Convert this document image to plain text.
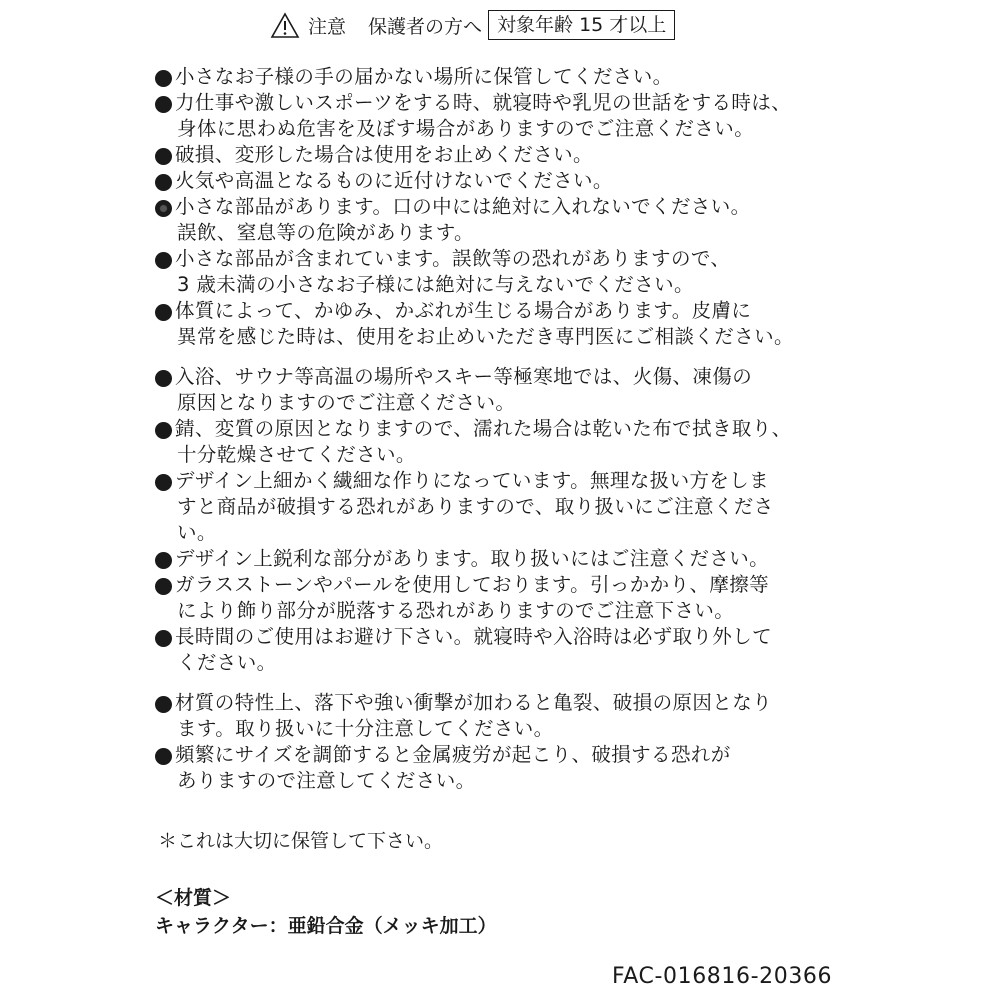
注意 保護者の方へ 対象年齢 15 才以上
小さなお子様の手の届かない場所に保管してください。
力仕事や激しいスポーツをする時、就寝時や乳児の世話をする時は、
身体に思わぬ危害を及ぼす場合がありますのでご注意ください。
破損、変形した場合は使用をお止めください。
火気や高温となるものに近付けないでください。
小さな部品があります。口の中には絶対に入れないでください。
誤飲、窒息等の危険があります。
小さな部品が含まれています。誤飲等の恐れがありますので、
3 歳未満の小さなお子様には絶対に与えないでください。
体質によって、かゆみ、かぶれが生じる場合があります。皮膚に
異常を感じた時は、使用をお止めいただき専門医にご相談ください。
入浴、サウナ等高温の場所やスキー等極寒地では、火傷、凍傷の
原因となりますのでご注意ください。
錆、変質の原因となりますので、濡れた場合は乾いた布で拭き取り、
十分乾燥させてください。
デザイン上細かく繊細な作りになっています。無理な扱い方をしま
すと商品が破損する恐れがありますので、取り扱いにご注意くださ
い。
デザイン上鋭利な部分があります。取り扱いにはご注意ください。
ガラスストーンやパールを使用しております。引っかかり、摩擦等
により飾り部分が脱落する恐れがありますのでご注意下さい。
長時間のご使用はお避け下さい。就寝時や入浴時は必ず取り外して
ください。
材質の特性上、落下や強い衝撃が加わると亀裂、破損の原因となり
ます。取り扱いに十分注意してください。
頻繁にサイズを調節すると金属疲労が起こり、破損する恐れが
ありますので注意してください。
＊これは大切に保管して下さい。
＜材質＞
キャラクター：亜鉛合金（メッキ加工）
FAC-016816-20366
